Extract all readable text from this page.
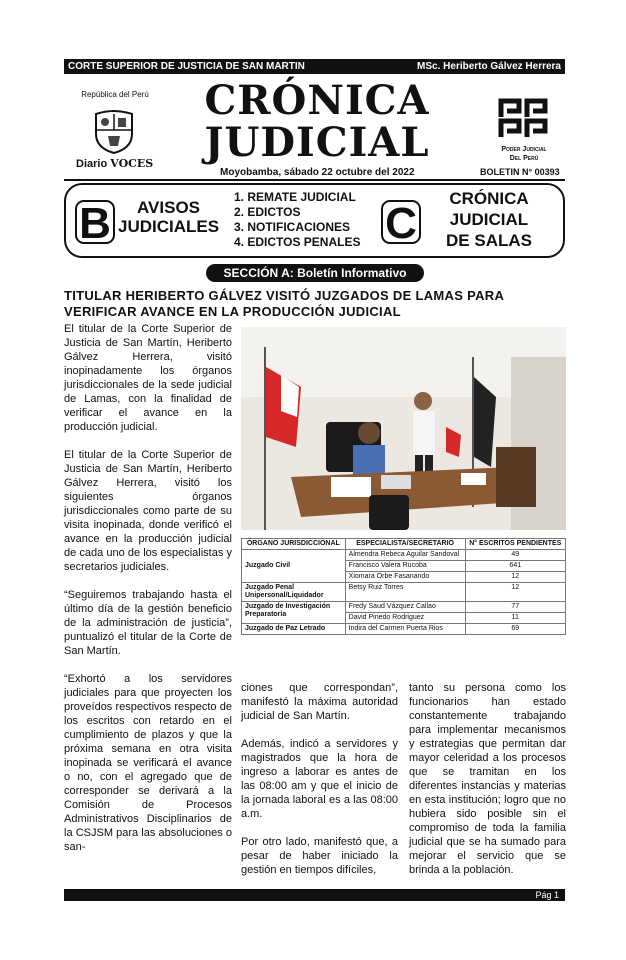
CORTE SUPERIOR DE JUSTICIA DE SAN MARTIN	MSc. Heriberto Gálvez Herrera
República del Perú
Diario VOCES
CRÓNICA
JUDICIAL
Moyobamba, sábado 22 octubre del 2022
Poder Judicial
Del Perú
BOLETIN N° 00393
B	AVISOS
JUDICIALES
1. REMATE JUDICIAL
2. EDICTOS
3. NOTIFICACIONES
4. EDICTOS PENALES C
CRÓNICA
JUDICIAL
DE SALAS
SECCIÓN A: Boletín Informativo
TITULAR HERIBERTO GÁLVEZ VISITÓ JUZGADOS DE LAMAS PARA VERIFICAR AVANCE EN LA PRODUCCIÓN JUDICIAL

El titular de la Corte Superior de Justicia de San Martín, Heriberto Gálvez Herrera, visitó inopinadamente los órganos jurisdiccionales de la sede judicial de Lamas, con la finalidad de verificar el avance en la producción judicial.

El titular de la Corte Superior de Justicia de San Martín, Heriberto Gálvez Herrera, visitó los siguientes órganos jurisdiccionales como parte de su visita inopinada, donde verificó el avance en la producción judicial de cada uno de los especialistas y secretarios judiciales.

“Seguiremos trabajando hasta el último día de la gestión beneficio de la administración de justicia”, puntualizó el titular de la Corte de San Martín.

“Exhortó a los servidores judiciales para que proyecten los proveídos respectivos respecto de los escritos con retardo en el cumplimiento de plazos y que la próxima semana en otra visita inopinada se verificará el avance o no, con el agregado que de corresponder se derivará a la Comisión de Procesos Administrativos Disciplinarios de la CSJSM para las absoluciones o san-

ÓRGANO JURISDICCIONAL	ESPECIALISTA/SECRETARIO	N° ESCRITOS PENDIENTES
Juzgado Civil	Almendra Rebeca Aguilar Sandoval	49
	Francisco Valera Rucoba	641
	Xiomara Orbe Fasanando	12
Juzgado Penal Unipersonal/Liquidador	Betsy Ruiz Torres	12
Juzgado de Investigación Preparatoria	Fredy Saud Vázquez Callao	77
	David Pinedo Rodriguez	11
Juzgado de Paz Letrado	Indira del Carmen Puerta Rios	69

ciones que correspondan”, manifestó la máxima autoridad judicial de San Martín.

Además, indicó a servidores y magistrados que la hora de ingreso a laborar es antes de las 08:00 am y que el inicio de la jornada laboral es a las 08:00 a.m.

Por otro lado, manifestó que, a pesar de haber iniciado la gestión en tiempos difíciles,

tanto su persona como los funcionarios han estado constantemente trabajando para implementar mecanismos y estrategias que permitan dar mayor celeridad a los procesos que se tramitan en los diferentes instancias y materias en esta institución; logro que no hubiera sido posible sin el compromiso de toda la familia judicial que se ha sumado para mejorar el servicio que se brinda a la población.

Pág 1
